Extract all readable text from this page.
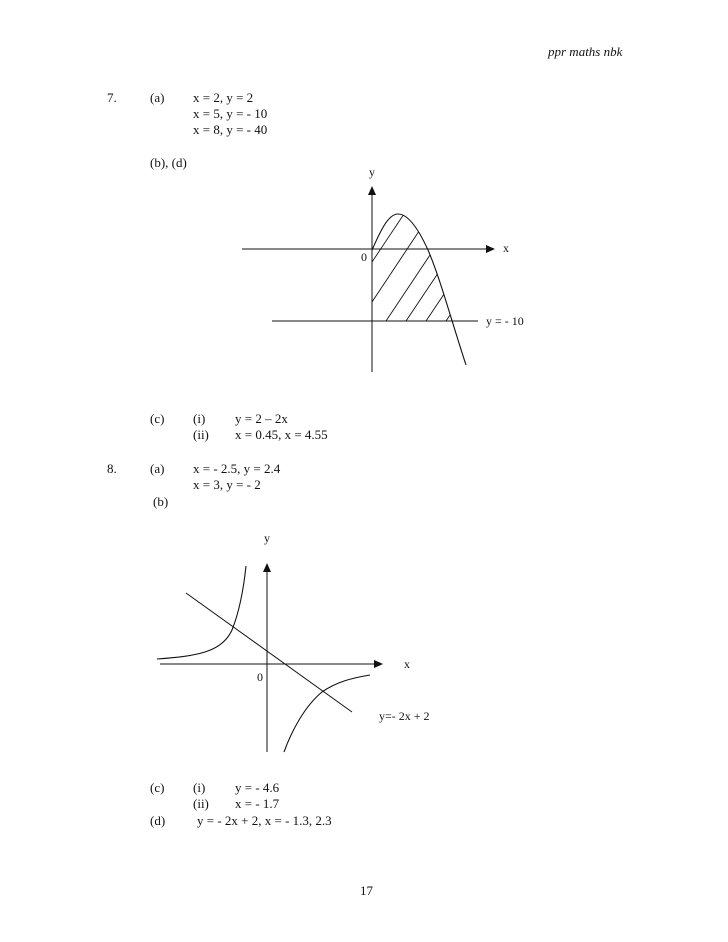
ppr maths nbk
7.	(a) x = 2, y = 2
x = 5, y = - 10
x = 8, y = - 40
(b), (d)
y
x
0
y = - 10
(c) (i) y = 2 – 2x
(ii) x = 0.45, x = 4.55
8.	(a) x = - 2.5, y = 2.4
x = 3, y = - 2
(b)
y
x
0
y=- 2x + 2
(c) (i) y = - 4.6
(ii) x = - 1.7
(d) y = - 2x + 2, x = - 1.3, 2.3
17
